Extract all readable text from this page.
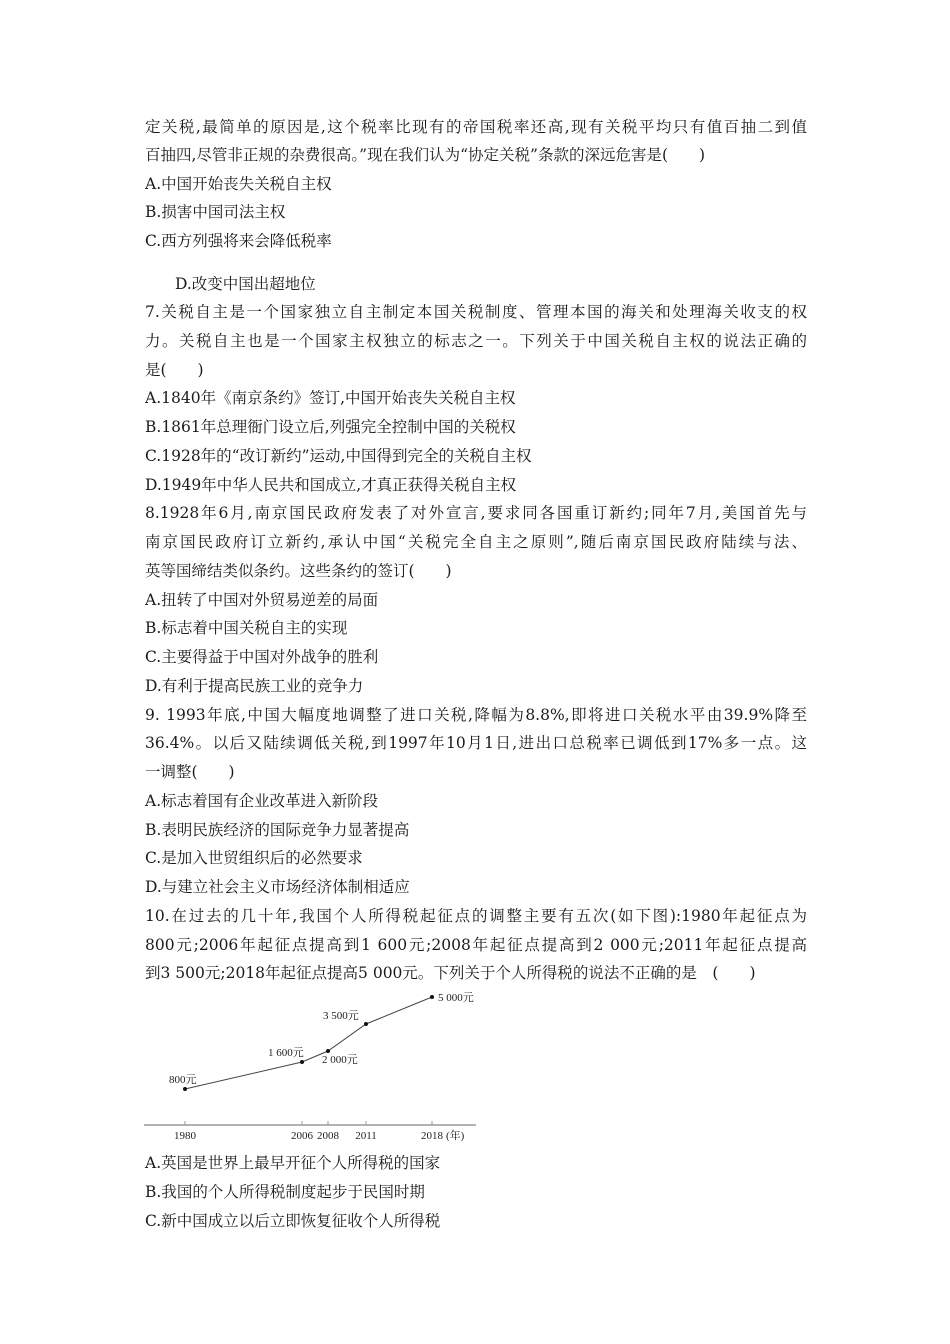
定关税,最简单的原因是,这个税率比现有的帝国税率还高,现有关税平均只有值百抽二到值
百抽四,尽管非正规的杂费很高。”现在我们认为“协定关税”条款的深远危害是(　　)
A.中国开始丧失关税自主权
B.损害中国司法主权
C.西方列强将来会降低税率
D.改变中国出超地位
7.关税自主是一个国家独立自主制定本国关税制度、管理本国的海关和处理海关收支的权
力。关税自主也是一个国家主权独立的标志之一。下列关于中国关税自主权的说法正确的
是(　　)
A.1840年《南京条约》签订,中国开始丧失关税自主权
B.1861年总理衙门设立后,列强完全控制中国的关税权
C.1928年的“改订新约”运动,中国得到完全的关税自主权
D.1949年中华人民共和国成立,才真正获得关税自主权
8.1928年6月,南京国民政府发表了对外宣言,要求同各国重订新约;同年7月,美国首先与
南京国民政府订立新约,承认中国“关税完全自主之原则”,随后南京国民政府陆续与法、
英等国缔结类似条约。这些条约的签订(　　)
A.扭转了中国对外贸易逆差的局面
B.标志着中国关税自主的实现
C.主要得益于中国对外战争的胜利
D.有利于提高民族工业的竞争力
9. 1993年底,中国大幅度地调整了进口关税,降幅为8.8%,即将进口关税水平由39.9%降至
36.4%。以后又陆续调低关税,到1997年10月1日,进出口总税率已调低到17%多一点。这
一调整(　　)
A.标志着国有企业改革进入新阶段
B.表明民族经济的国际竞争力显著提高
C.是加入世贸组织后的必然要求
D.与建立社会主义市场经济体制相适应
10.在过去的几十年,我国个人所得税起征点的调整主要有五次(如下图):1980年起征点为
800元;2006年起征点提高到1 600元;2008年起征点提高到2 000元;2011年起征点提高
到3 500元;2018年起征点提高5 000元。下列关于个人所得税的说法不正确的是　(　　)
A.英国是世界上最早开征个人所得税的国家
B.我国的个人所得税制度起步于民国时期
C.新中国成立以后立即恢复征收个人所得税
800元
1980
1 600元
2006
2 000元
2008
3 500元
2011
5 000元
2018 (年)
